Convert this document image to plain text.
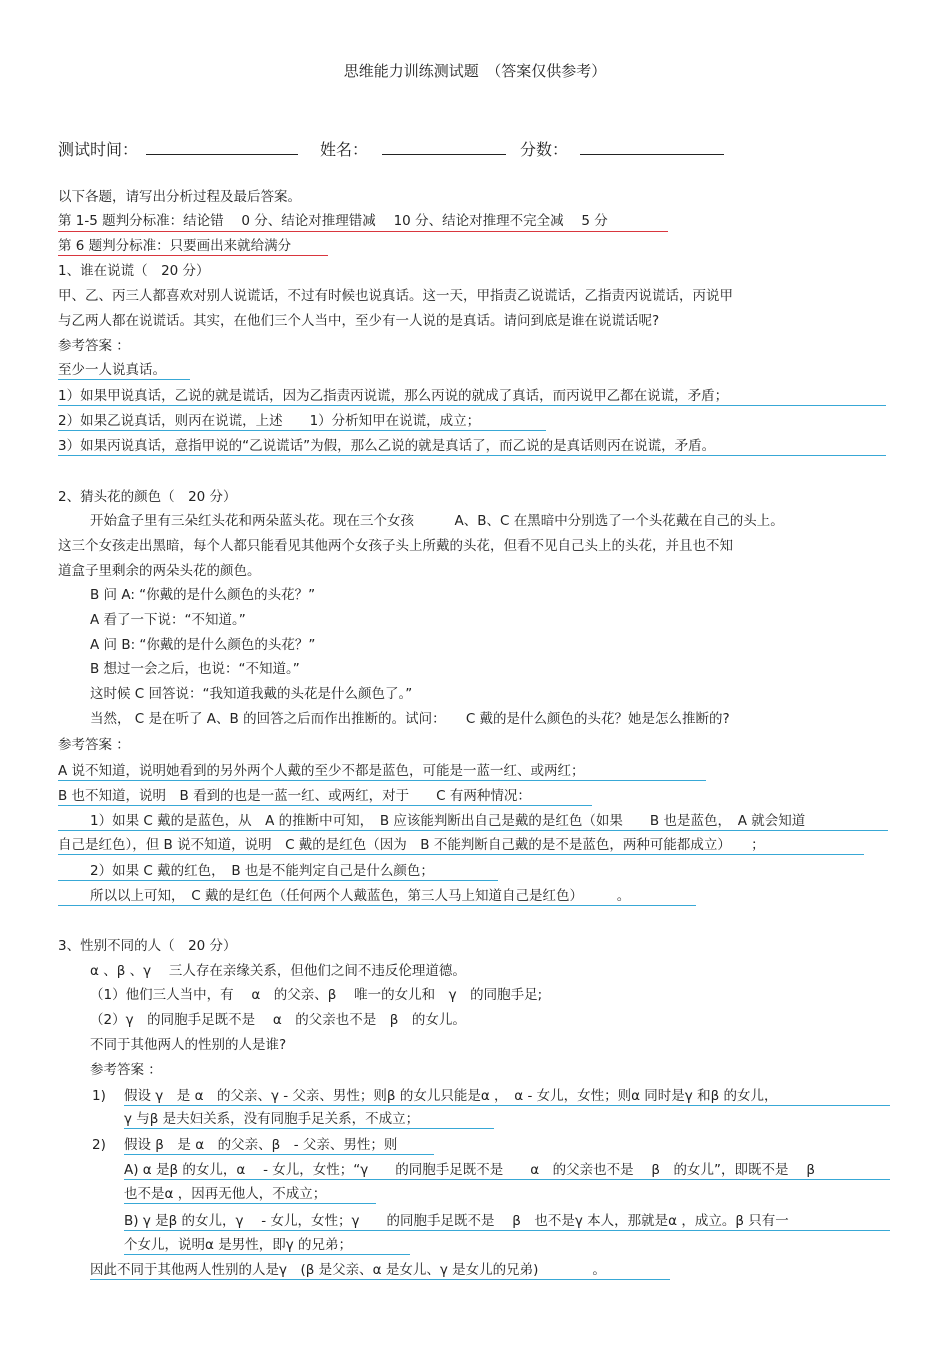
思维能力训练测试题　（答案仅供参考）
测试时间：	姓名：	分数：
以下各题，请写出分析过程及最后答案。
第 1-5 题判分标准：结论错　 0 分、结论对推理错减　 10 分、结论对推理不完全减　 5 分
第 6 题判分标准：只要画出来就给满分
1、谁在说谎（　20 分）
甲、乙、丙三人都喜欢对别人说谎话，不过有时候也说真话。这一天，甲指责乙说谎话，乙指责丙说谎话，丙说甲
与乙两人都在说谎话。其实，在他们三个人当中，至少有一人说的是真话。请问到底是谁在说谎话呢?
参考答案 ：
至少一人说真话。
1）如果甲说真话，乙说的就是谎话，因为乙指责丙说谎，那么丙说的就成了真话，而丙说甲乙都在说谎，矛盾；
2）如果乙说真话，则丙在说谎，上述　　1）分析知甲在说谎，成立；
3）如果丙说真话，意指甲说的“乙说谎话”为假，那么乙说的就是真话了，而乙说的是真话则丙在说谎，矛盾。
2、猜头花的颜色（　20 分）
开始盒子里有三朵红头花和两朵蓝头花。现在三个女孩　　　A、B、C 在黑暗中分别选了一个头花戴在自己的头上。
这三个女孩走出黑暗，每个人都只能看见其他两个女孩子头上所戴的头花，但看不见自己头上的头花，并且也不知
道盒子里剩余的两朵头花的颜色。
B 问 A: “你戴的是什么颜色的头花？”
A 看了一下说：“不知道。”
A 问 B: “你戴的是什么颜色的头花？”
B 想过一会之后，也说：“不知道。”
这时候 C 回答说：“我知道我戴的头花是什么颜色了。”
当然， C 是在听了 A、B 的回答之后而作出推断的。试问：　　C 戴的是什么颜色的头花？她是怎么推断的?
参考答案 ：
A 说不知道，说明她看到的另外两个人戴的至少不都是蓝色，可能是一蓝一红、或两红；
B 也不知道，说明　B 看到的也是一蓝一红、或两红，对于　　C 有两种情况：
1）如果 C 戴的是蓝色，从　A 的推断中可知，　B 应该能判断出自己是戴的是红色（如果　　B 也是蓝色，　A 就会知道
自己是红色），但 B 说不知道，说明　C 戴的是红色（因为　B 不能判断自己戴的是不是蓝色，两种可能都成立）　　；
2）如果 C 戴的红色，　B 也是不能判定自己是什么颜色；
所以以上可知，　C 戴的是红色（任何两个人戴蓝色，第三人马上知道自己是红色）　　　。
3、性别不同的人（　20 分）
α 、β 、γ　 三人存在亲缘关系，但他们之间不违反伦理道德。
（1）他们三人当中，有　 α　的父亲、β　 唯一的女儿和　γ　的同胞手足;
（2）γ　的同胞手足既不是　 α　的父亲也不是　β　的女儿。
不同于其他两人的性别的人是谁?
参考答案 ：
1) 假设 γ　是 α　的父亲、γ - 父亲、男性；则β 的女儿只能是α ，　α - 女儿，女性；则α 同时是γ 和β 的女儿，
γ 与β 是夫妇关系，没有同胞手足关系，不成立；
2) 假设 β　是 α　的父亲、β　- 父亲、男性；则
A) α 是β 的女儿，α　 - 女儿，女性；“γ　　的同胞手足既不是　　α　的父亲也不是　 β　的女儿”，即既不是　 β
也不是α ，因再无他人，不成立；
B) γ 是β 的女儿，γ　 - 女儿，女性；γ　　的同胞手足既不是　 β　也不是γ 本人，那就是α ，成立。β 只有一
个女儿，说明α 是男性，即γ 的兄弟；
因此不同于其他两人性别的人是γ　(β 是父亲、α 是女儿、γ 是女儿的兄弟)　　　　。
